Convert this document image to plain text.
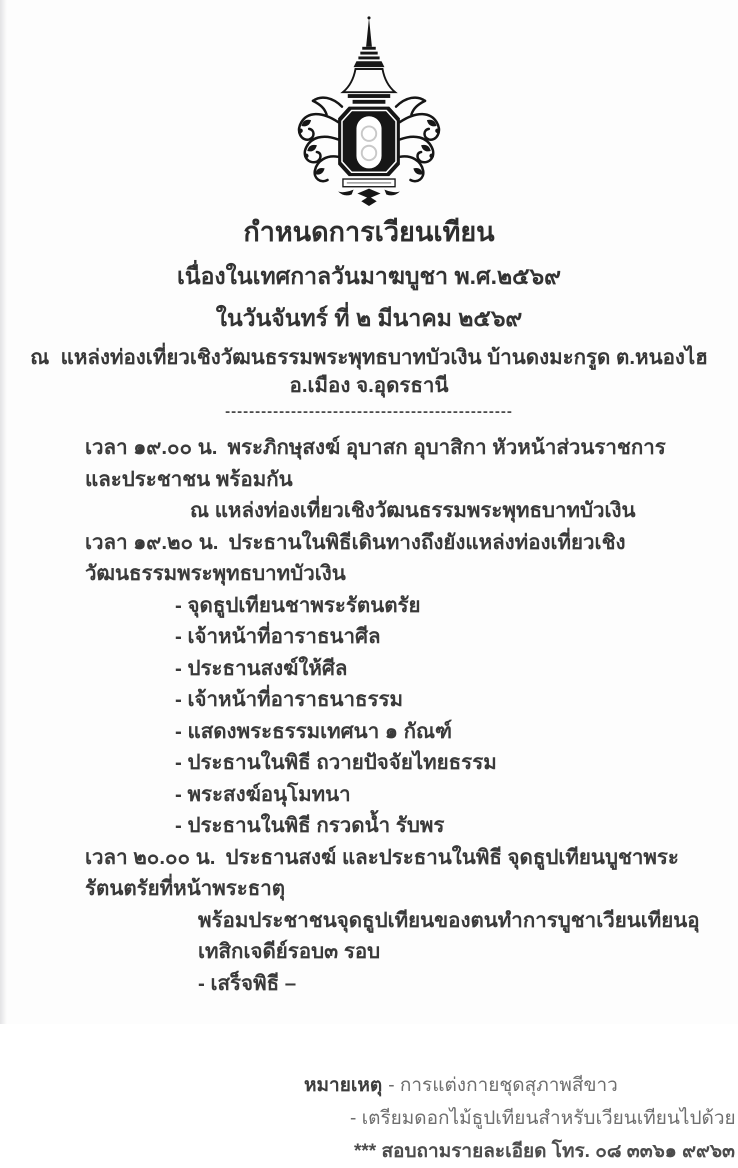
กำหนดการเวียนเทียน
เนื่องในเทศกาลวันมาฆบูชา พ.ศ.๒๕๖๙
ในวันจันทร์ ที่ ๒ มีนาคม ๒๕๖๙
ณ  แหล่งท่องเที่ยวเชิงวัฒนธรรมพระพุทธบาทบัวเงิน บ้านดงมะกรูด ต.หนองไฮ อ.เมือง จ.อุดรธานี
------------------------------------------------
เวลา ๑๙.๐๐ น. พระภิกษุสงฆ์ อุบาสก อุบาสิกา หัวหน้าส่วนราชการ และประชาชน พร้อมกัน
ณ แหล่งท่องเที่ยวเชิงวัฒนธรรมพระพุทธบาทบัวเงิน
เวลา ๑๙.๒๐ น. ประธานในพิธีเดินทางถึงยังแหล่งท่องเที่ยวเชิงวัฒนธรรมพระพุทธบาทบัวเงิน
- จุดธูปเทียนชาพระรัตนตรัย
- เจ้าหน้าที่อาราธนาศีล
- ประธานสงฆ์ให้ศีล
- เจ้าหน้าที่อาราธนาธรรม
- แสดงพระธรรมเทศนา ๑ กัณฑ์
- ประธานในพิธี ถวายปัจจัยไทยธรรม
- พระสงฆ์อนุโมทนา
- ประธานในพิธี กรวดน้ำ รับพร
เวลา ๒๐.๐๐ น. ประธานสงฆ์ และประธานในพิธี จุดธูปเทียนบูชาพระรัตนตรัยที่หน้าพระธาตุ
พร้อมประชาชนจุดธูปเทียนของตนทำการบูชาเวียนเทียนอุเทสิกเจดีย์รอบ๓ รอบ
- เสร็จพิธี –
หมายเหตุ - การแต่งกายชุดสุภาพสีขาว
- เตรียมดอกไม้ธูปเทียนสำหรับเวียนเทียนไปด้วย
*** สอบถามรายละเอียด โทร. ๐๘ ๓๓๖๑ ๙๙๖๓
